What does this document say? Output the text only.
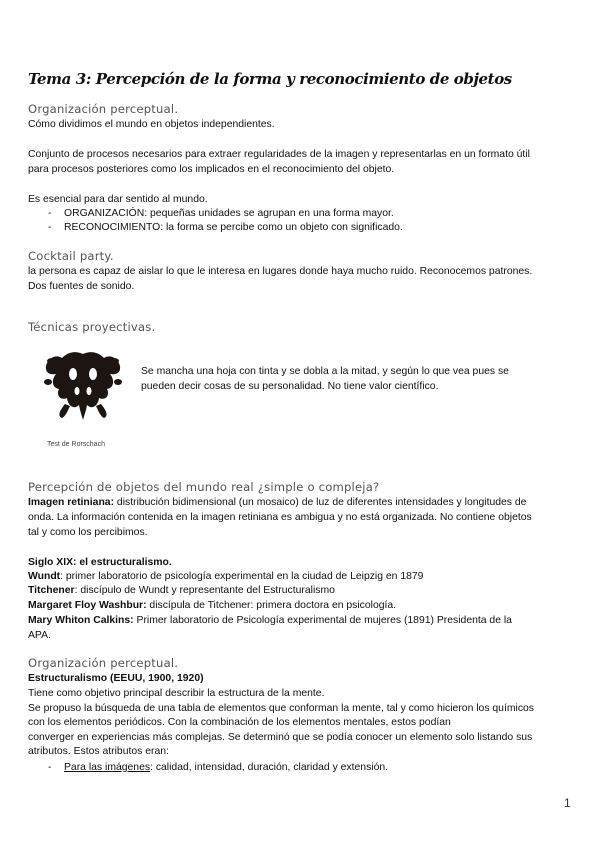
Tema 3: Percepción de la forma y reconocimiento de objetos

Organización perceptual.

Cómo dividimos el mundo en objetos independientes.

Conjunto de procesos necesarios para extraer regularidades de la imagen y representarlas en un formato útil

para procesos posteriores como los implicados en el reconocimiento del objeto.

Es esencial para dar sentido al mundo.

- ORGANIZACIÓN: pequeñas unidades se agrupan en una forma mayor.

- RECONOCIMIENTO: la forma se percibe como un objeto con significado.

Cocktail party.

la persona es capaz de aislar lo que le interesa en lugares donde haya mucho ruido. Reconocemos patrones.

Dos fuentes de sonido.

Técnicas proyectivas.

Test de Rorschach

Se mancha una hoja con tinta y se dobla a la mitad, y según lo que vea pues se

pueden decir cosas de su personalidad. No tiene valor científico.

Percepción de objetos del mundo real ¿simple o compleja?

Imagen retiniana: distribución bidimensional (un mosaico) de luz de diferentes intensidades y longitudes de

onda. La información contenida en la imagen retiniana es ambigua y no está organizada. No contiene objetos

tal y como los percibimos.

Siglo XIX: el estructuralismo.

Wundt: primer laboratorio de psicología experimental en la ciudad de Leipzig en 1879

Titchener: discípulo de Wundt y representante del Estructuralismo

Margaret Floy Washbur: discípula de Titchener: primera doctora en psicología.

Mary Whiton Calkins: Primer laboratorio de Psicología experimental de mujeres (1891) Presidenta de la

APA.

Organización perceptual.

Estructuralismo (EEUU, 1900, 1920)

Tiene como objetivo principal describir la estructura de la mente.

Se propuso la búsqueda de una tabla de elementos que conforman la mente, tal y como hicieron los químicos

con los elementos periódicos. Con la combinación de los elementos mentales, estos podían

converger en experiencias más complejas. Se determinó que se podía conocer un elemento solo listando sus

atributos. Estos atributos eran:

- Para las imágenes: calidad, intensidad, duración, claridad y extensión.

1
